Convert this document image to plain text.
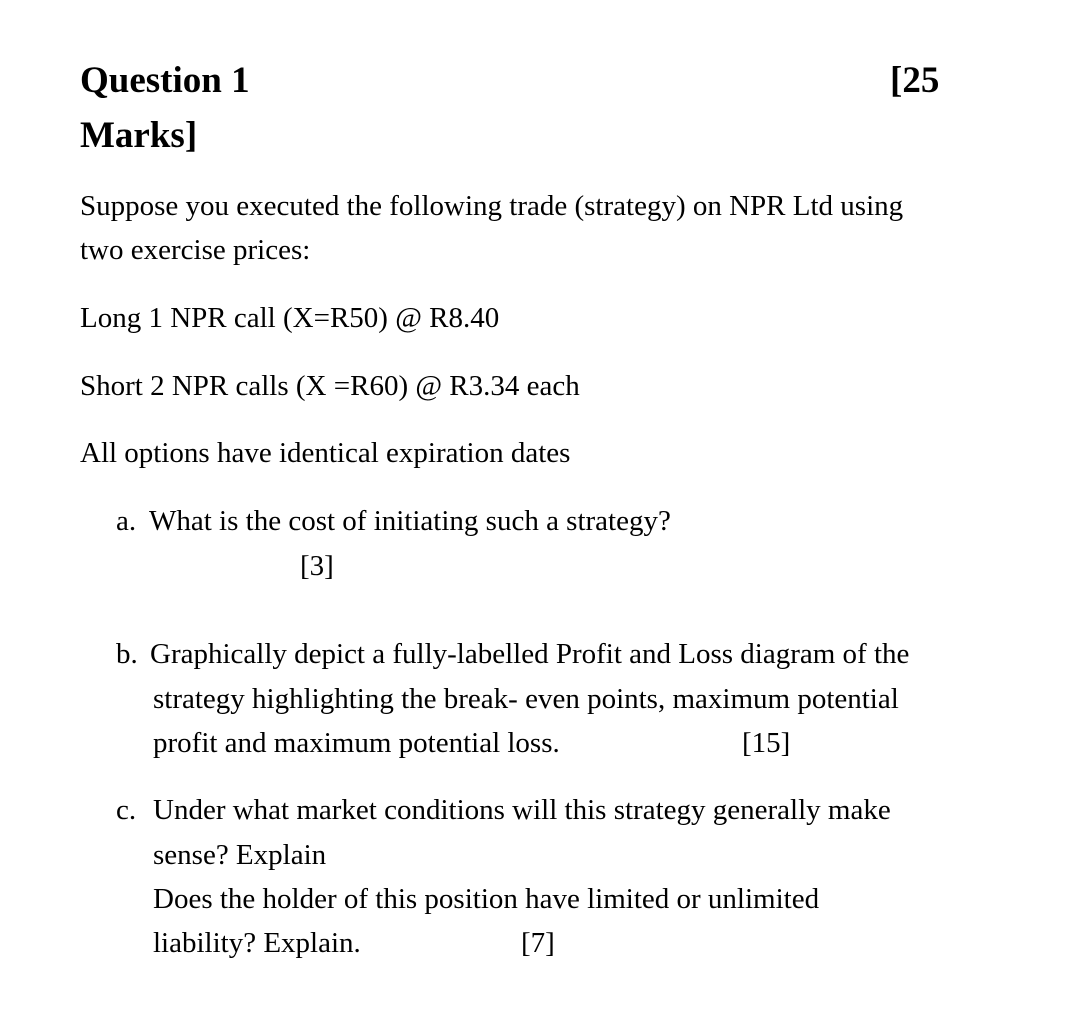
Question 1	[25
Marks]
Suppose you executed the following trade (strategy) on NPR Ltd using
two exercise prices:
Long 1 NPR call (X=R50) @ R8.40
Short 2 NPR calls (X =R60) @ R3.34 each
All options have identical expiration dates
a. What is the cost of initiating such a strategy?
[3]
b. Graphically depict a fully-labelled Profit and Loss diagram of the
strategy highlighting the break- even points, maximum potential
profit and maximum potential loss.	[15]
c. Under what market conditions will this strategy generally make
sense? Explain
Does the holder of this position have limited or unlimited
liability? Explain.	[7]
